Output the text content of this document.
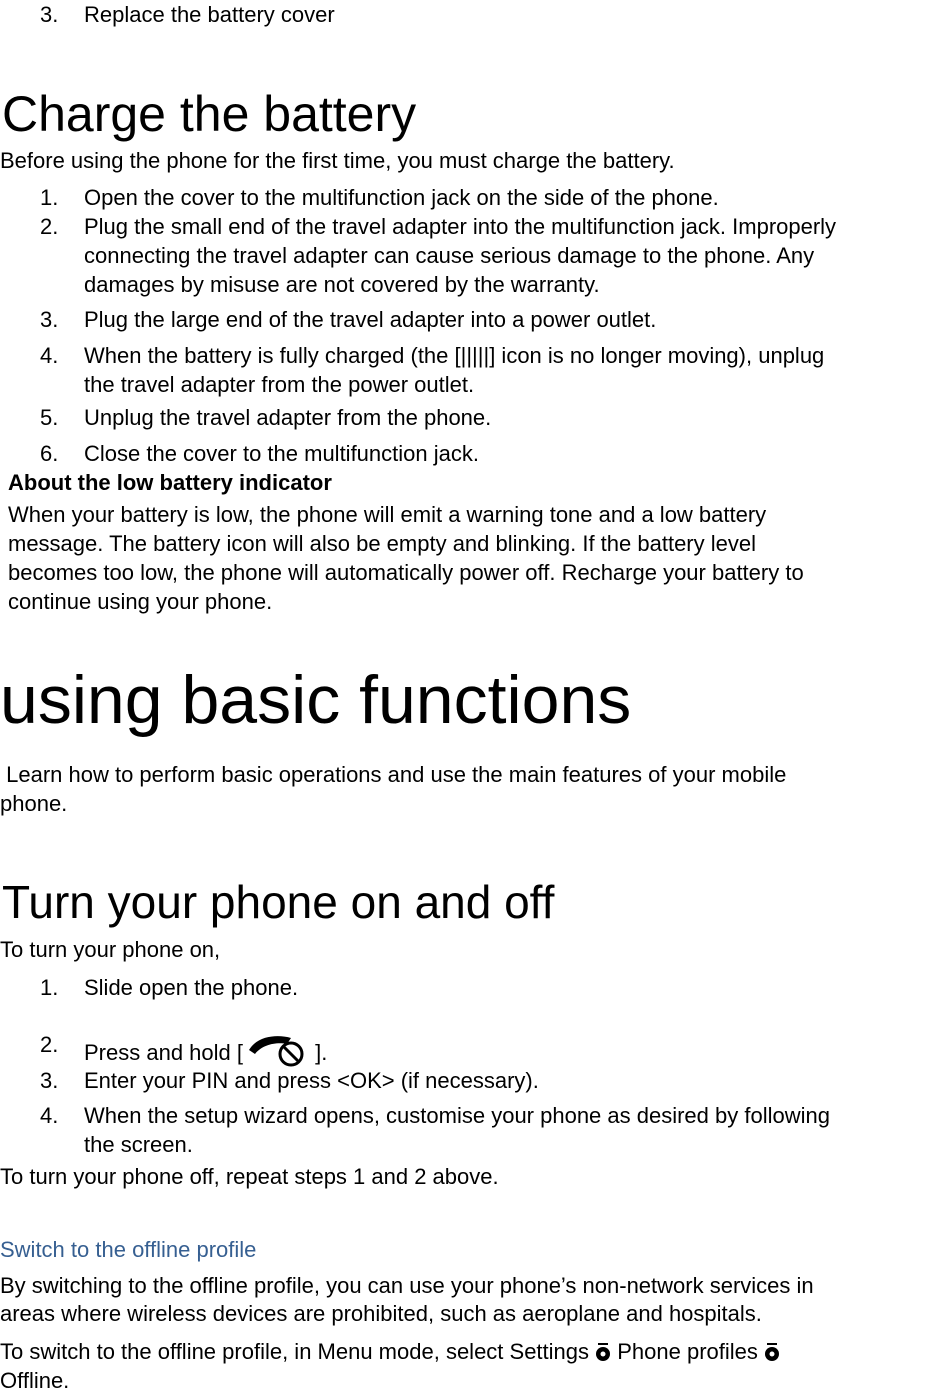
3. Replace the battery cover
Charge the battery
Before using the phone for the first time, you must charge the battery.
1. Open the cover to the multifunction jack on the side of the phone.
2. Plug the small end of the travel adapter into the multifunction jack. Improperly
connecting the travel adapter can cause serious damage to the phone. Any
damages by misuse are not covered by the warranty.
3. Plug the large end of the travel adapter into a power outlet.
4. When the battery is fully charged (the [|||||] icon is no longer moving), unplug
the travel adapter from the power outlet.
5. Unplug the travel adapter from the phone.
6. Close the cover to the multifunction jack.
About the low battery indicator
When your battery is low, the phone will emit a warning tone and a low battery
message. The battery icon will also be empty and blinking. If the battery level
becomes too low, the phone will automatically power off. Recharge your battery to
continue using your phone.
using basic functions
Learn how to perform basic operations and use the main features of your mobile
phone.
Turn your phone on and off
To turn your phone on,
1. Slide open the phone.
2. Press and hold [	].
3. Enter your PIN and press <OK> (if necessary).
4. When the setup wizard opens, customise your phone as desired by following
the screen.
To turn your phone off, repeat steps 1 and 2 above.
Switch to the offline profile
By switching to the offline profile, you can use your phone’s non-network services in
areas where wireless devices are prohibited, such as aeroplane and hospitals.
To switch to the offline profile, in Menu mode, select Settings  Phone profiles
Offline.
